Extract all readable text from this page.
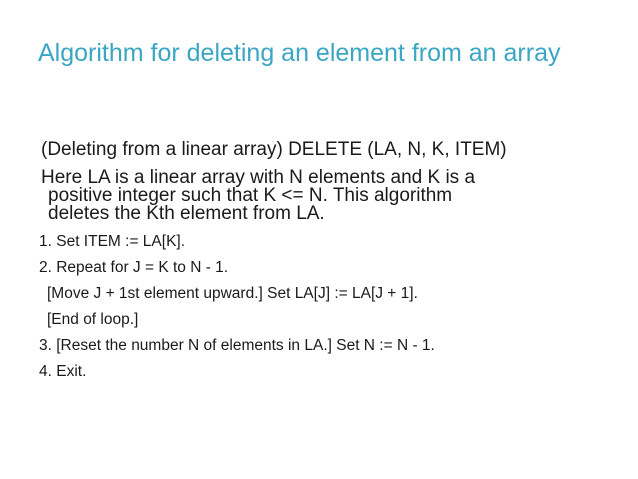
Algorithm for deleting an element from an array

(Deleting from a linear array) DELETE (LA, N, K, ITEM)

Here LA is a linear array with N elements and K is a

positive integer such that K <= N. This algorithm

deletes the Kth element from LA.

1. Set ITEM := LA[K].

2. Repeat for J = K to N - 1.

[Move J + 1st element upward.] Set LA[J] := LA[J + 1].

[End of loop.]

3. [Reset the number N of elements in LA.] Set N := N - 1.

4. Exit.
